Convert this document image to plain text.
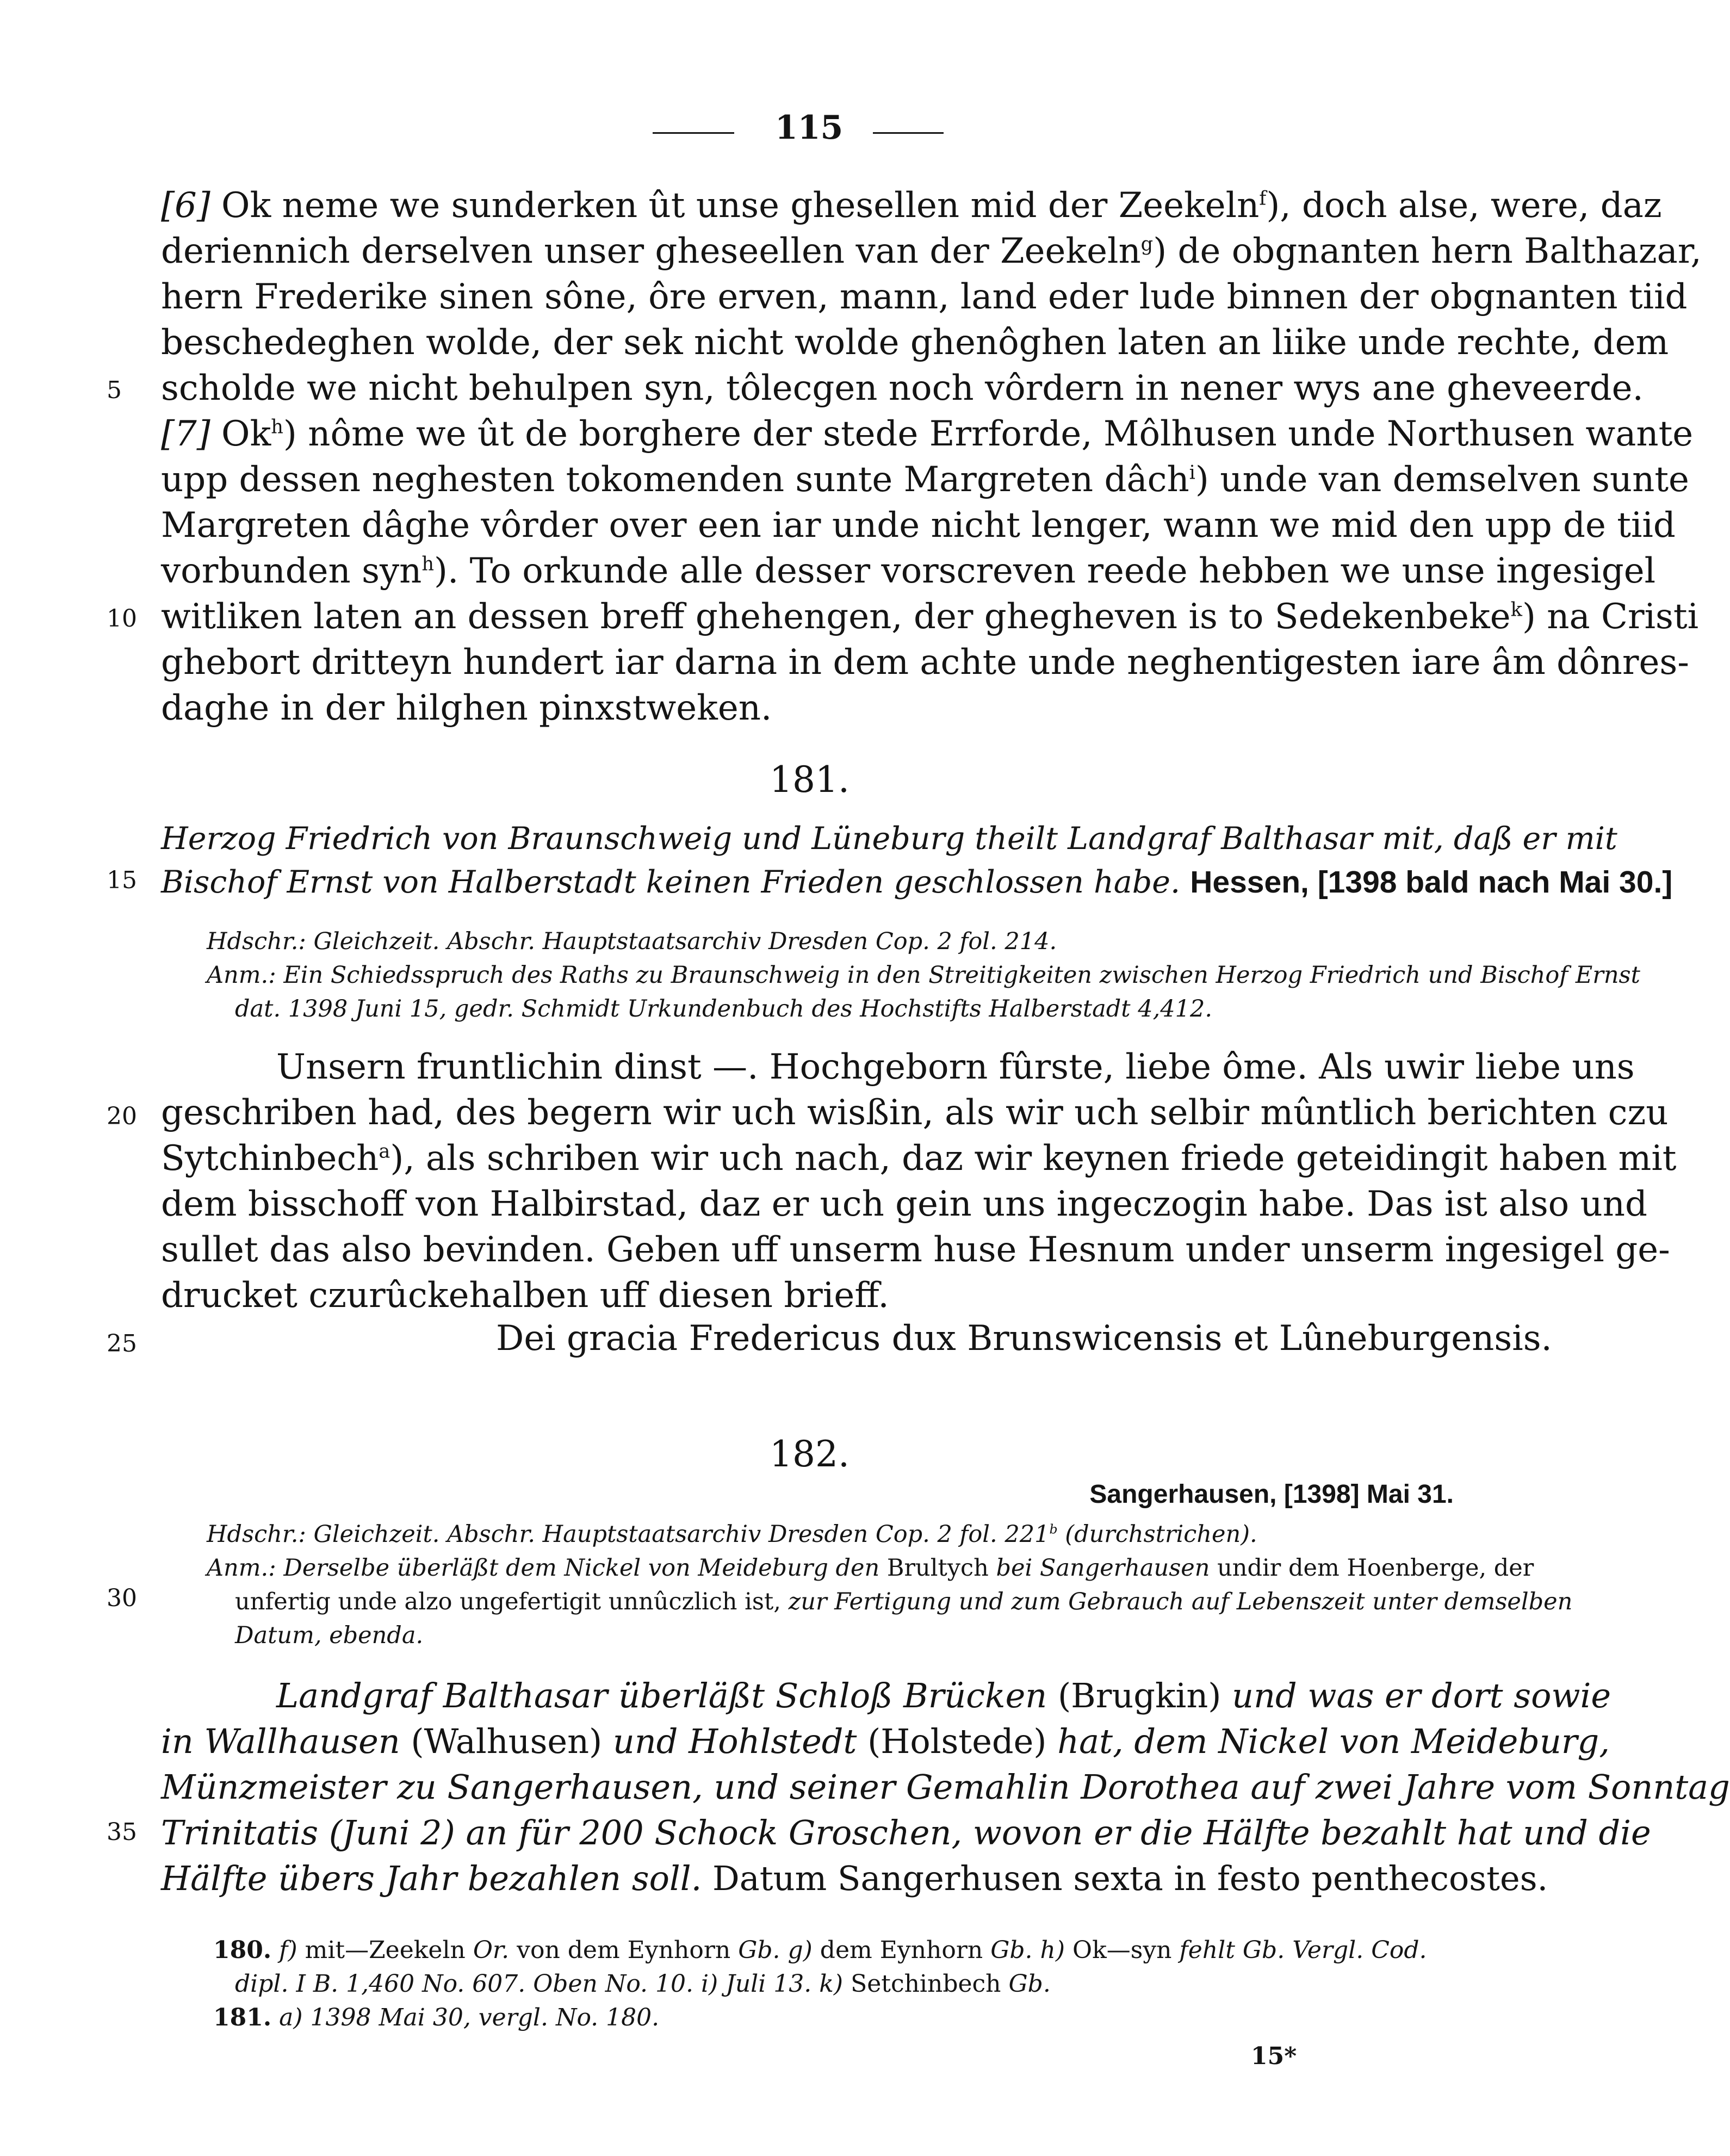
115
[6] Ok neme we sunderken ût unse ghesellen mid der Zeekeln$^f$), doch alse, were, daz
deriennich derselven unser gheseellen van der Zeekeln$^g$) de obgnanten hern Balthazar,
hern Frederike sinen sône, ôre erven, mann, land eder lude binnen der obgnanten tiid
beschedeghen wolde, der sek nicht wolde ghenôghen laten an liike unde rechte, dem
scholde we nicht behulpen syn, tôlecgen noch vôrdern in nener wys ane gheveerde.
[7] Ok$^h$) nôme we ût de borghere der stede Errforde, Môlhusen unde Northusen wante
upp dessen neghesten tokomenden sunte Margreten dâch$^i$) unde van demselven sunte
Margreten dâghe vôrder over een iar unde nicht lenger, wann we mid den upp de tiid
vorbunden syn$^h$). To orkunde alle desser vorscreven reede hebben we unse ingesigel
witliken laten an dessen breff ghehengen, der ghegheven is to Sedekenbeke$^k$) na Cristi
ghebort dritteyn hundert iar darna in dem achte unde neghentigesten iare âm dônres-
daghe in der hilghen pinxstweken.
5
10
15
20
25
30
35
181.
Herzog Friedrich von Braunschweig und Lüneburg theilt Landgraf Balthasar mit, daß er mit
Bischof Ernst von Halberstadt keinen Frieden geschlossen habe. Hessen, [1398 bald nach Mai 30.]
Hdschr.: Gleichzeit. Abschr. Hauptstaatsarchiv Dresden Cop. 2 fol. 214.
Anm.: Ein Schiedsspruch des Raths zu Braunschweig in den Streitigkeiten zwischen Herzog Friedrich und Bischof Ernst
dat. 1398 Juni 15, gedr. Schmidt Urkundenbuch des Hochstifts Halberstadt 4,412.
Unsern fruntlichin dinst —. Hochgeborn fûrste, liebe ôme. Als uwir liebe uns
geschriben had, des begern wir uch wisßin, als wir uch selbir mûntlich berichten czu
Sytchinbech$^a$), als schriben wir uch nach, daz wir keynen friede geteidingit haben mit
dem bisschoff von Halbirstad, daz er uch gein uns ingeczogin habe. Das ist also und
sullet das also bevinden. Geben uff unserm huse Hesnum under unserm ingesigel ge-
drucket czurûckehalben uff diesen brieff.
Dei gracia Fredericus dux Brunswicensis et Lûneburgensis.
182.
Sangerhausen, [1398] Mai 31.
Hdschr.: Gleichzeit. Abschr. Hauptstaatsarchiv Dresden Cop. 2 fol. 221$^b$ (durchstrichen).
Anm.: Derselbe überläßt dem Nickel von Meideburg den Brultych bei Sangerhausen undir dem Hoenberge, der
unfertig unde alzo ungefertigit unnûczlich ist, zur Fertigung und zum Gebrauch auf Lebenszeit unter demselben
Datum, ebenda.
Landgraf Balthasar überläßt Schloß Brücken (Brugkin) und was er dort sowie
in Wallhausen (Walhusen) und Hohlstedt (Holstede) hat, dem Nickel von Meideburg,
Münzmeister zu Sangerhausen, und seiner Gemahlin Dorothea auf zwei Jahre vom Sonntag
Trinitatis (Juni 2) an für 200 Schock Groschen, wovon er die Hälfte bezahlt hat und die
Hälfte übers Jahr bezahlen soll. Datum Sangerhusen sexta in festo penthecostes.
180. f) mit—Zeekeln Or. von dem Eynhorn Gb. g) dem Eynhorn Gb. h) Ok—syn fehlt Gb. Vergl. Cod.
dipl. I B. 1,460 No. 607. Oben No. 10. i) Juli 13. k) Setchinbech Gb.
181. a) 1398 Mai 30, vergl. No. 180.
15*
